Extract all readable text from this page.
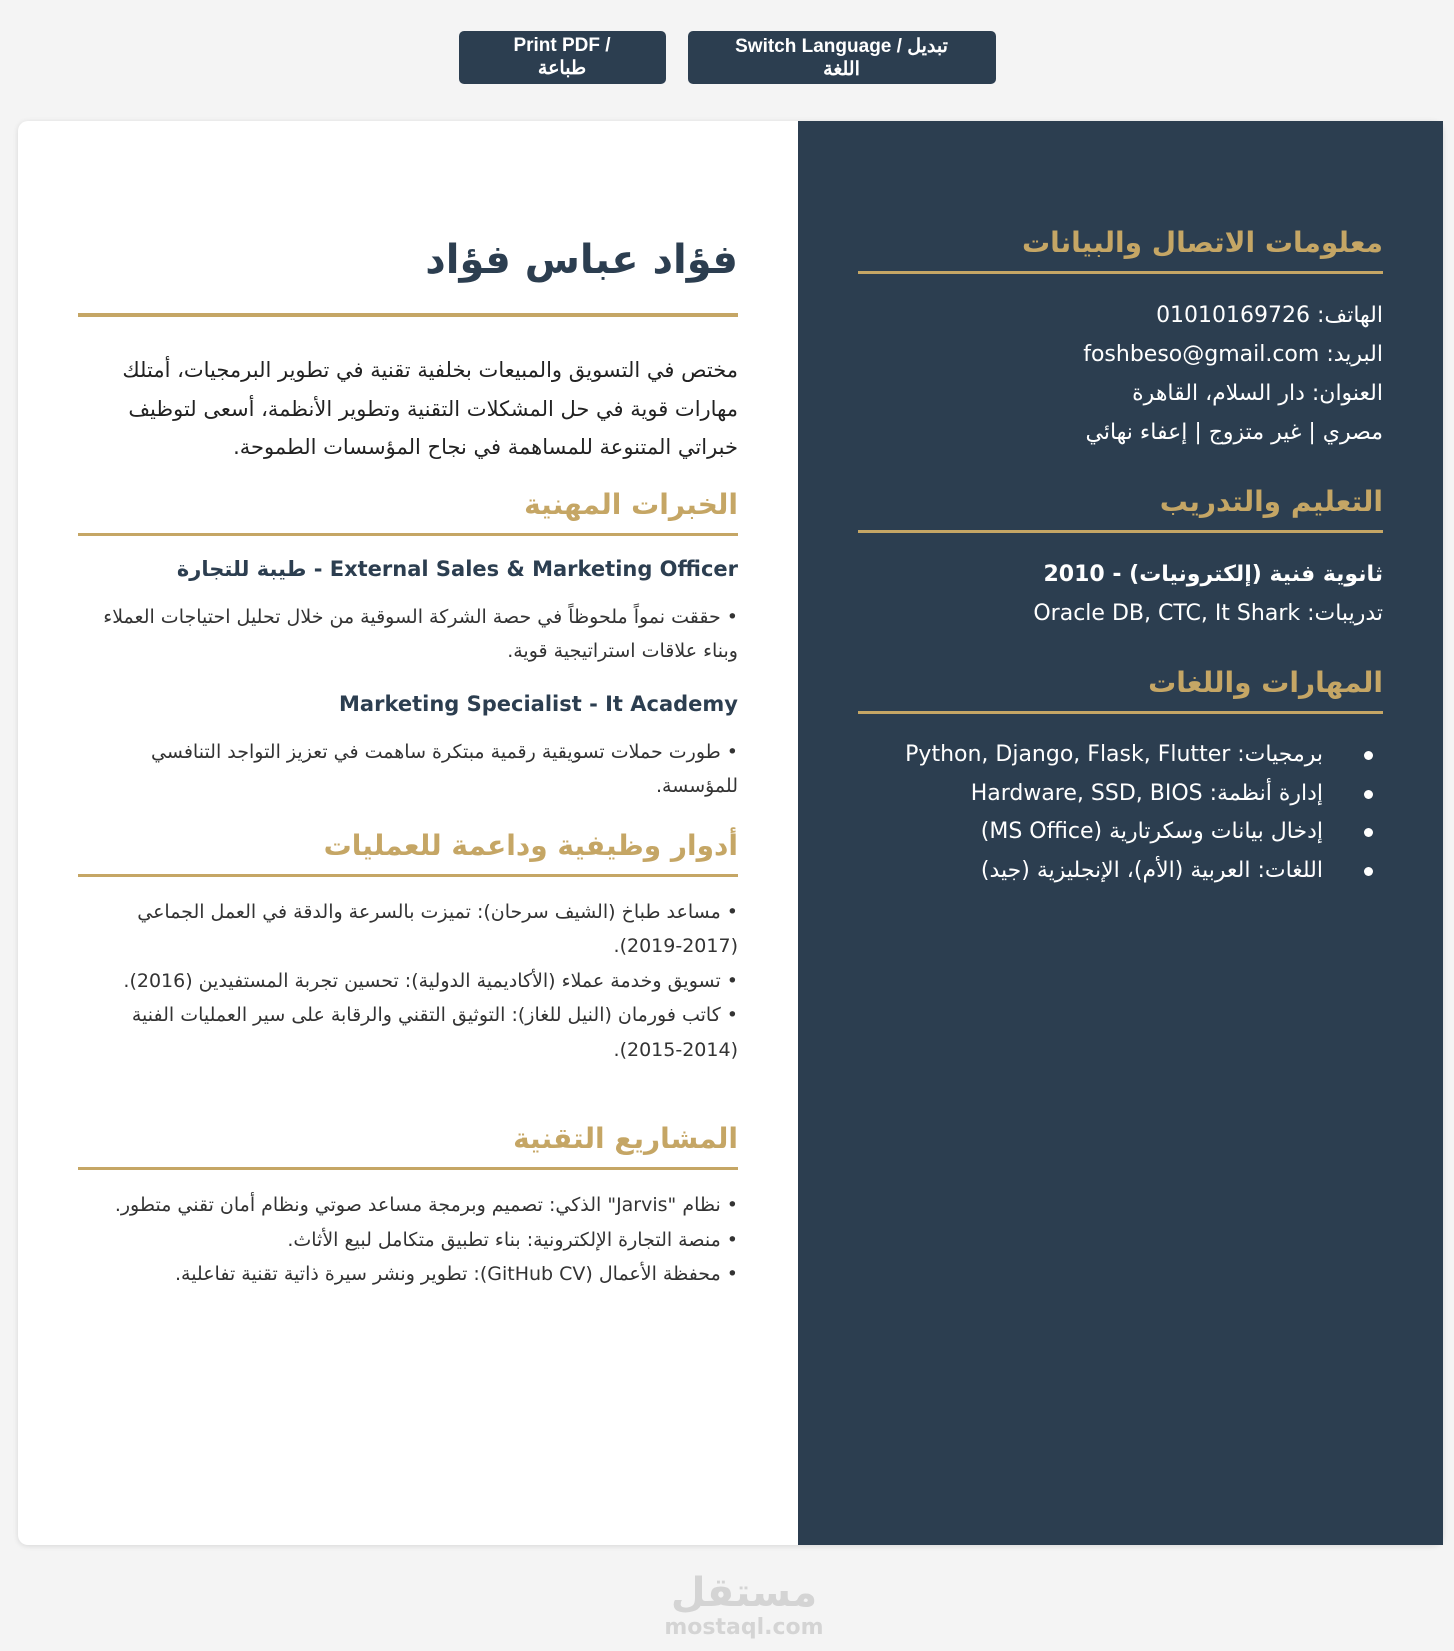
Print PDF / طباعة
Switch Language / تبديل اللغة
معلومات الاتصال والبيانات
الهاتف: 01010169726
البريد: foshbeso@gmail.com
العنوان: دار السلام، القاهرة
مصري | غير متزوج | إعفاء نهائي
التعليم والتدريب
ثانوية فنية (إلكترونيات) - 2010
تدريبات: Oracle DB, CTC, It Shark
المهارات واللغات
برمجيات: Python, Django, Flask, Flutter
إدارة أنظمة: Hardware, SSD, BIOS
إدخال بيانات وسكرتارية (MS Office)
اللغات: العربية (الأم)، الإنجليزية (جيد)
فؤاد عباس فؤاد

مختص في التسويق والمبيعات بخلفية تقنية في تطوير البرمجيات، أمتلك مهارات قوية في حل المشكلات التقنية وتطوير الأنظمة، أسعى لتوظيف خبراتي المتنوعة للمساهمة في نجاح المؤسسات الطموحة.

الخبرات المهنية
External Sales & Marketing Officer - طيبة للتجارة
• حققت نمواً ملحوظاً في حصة الشركة السوقية من خلال تحليل احتياجات العملاء وبناء علاقات استراتيجية قوية.
Marketing Specialist - It Academy
• طورت حملات تسويقية رقمية مبتكرة ساهمت في تعزيز التواجد التنافسي للمؤسسة.
أدوار وظيفية وداعمة للعمليات
• مساعد طباخ (الشيف سرحان): تميزت بالسرعة والدقة في العمل الجماعي (2017-2019).
• تسويق وخدمة عملاء (الأكاديمية الدولية): تحسين تجربة المستفيدين (2016).
• كاتب فورمان (النيل للغاز): التوثيق التقني والرقابة على سير العمليات الفنية (2014-2015).
المشاريع التقنية
• نظام "Jarvis" الذكي: تصميم وبرمجة مساعد صوتي ونظام أمان تقني متطور.
• منصة التجارة الإلكترونية: بناء تطبيق متكامل لبيع الأثاث.
• محفظة الأعمال (GitHub CV): تطوير ونشر سيرة ذاتية تقنية تفاعلية.
مستقل
mostaql.com
